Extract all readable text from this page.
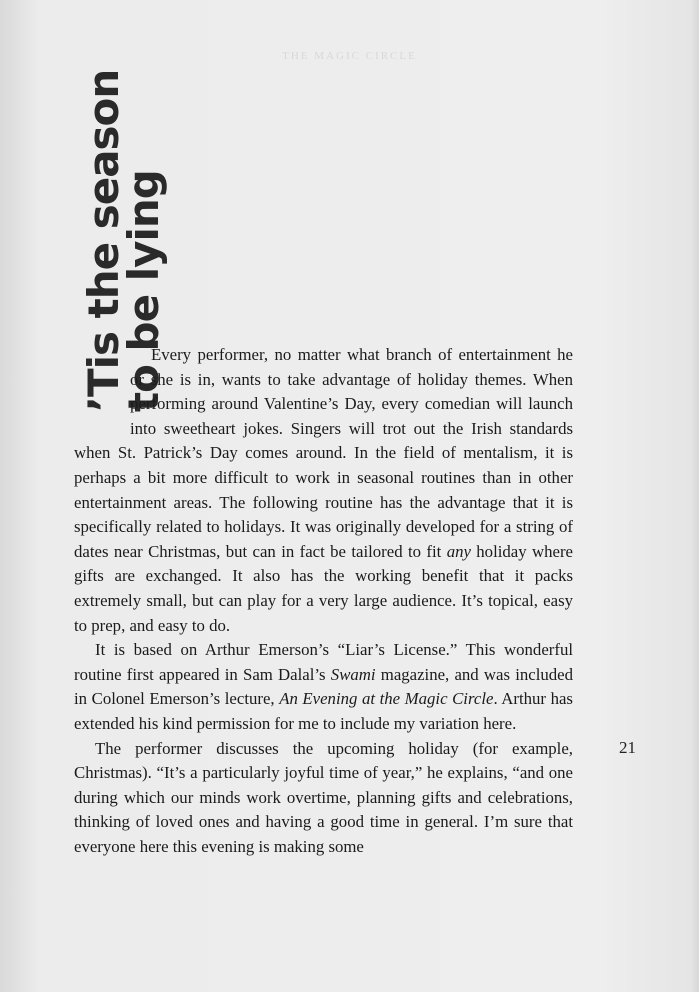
THE MAGIC CIRCLE
’Tis the season
to be lying

Every performer, no matter what branch of entertainment he or she is in, wants to take advantage of holiday themes. When performing around Valentine’s Day, every comedian will launch into sweetheart jokes. Singers will trot out the Irish standards when St. Patrick’s Day comes around. In the field of mentalism, it is perhaps a bit more difficult to work in seasonal routines than in other entertainment areas. The following routine has the advantage that it is specifically related to holidays. It was originally developed for a string of dates near Christmas, but can in fact be tailored to fit any holiday where gifts are exchanged. It also has the working benefit that it packs extremely small, but can play for a very large audience. It’s topical, easy to prep, and easy to do.

It is based on Arthur Emerson’s “Liar’s License.” This wonderful routine first appeared in Sam Dalal’s Swami magazine, and was included in Colonel Emerson’s lecture, An Evening at the Magic Circle. Arthur has extended his kind permission for me to include my variation here.

The performer discusses the upcoming holiday (for example, Christmas). “It’s a particularly joyful time of year,” he explains, “and one during which our minds work overtime, planning gifts and celebrations, thinking of loved ones and having a good time in general. I’m sure that everyone here this evening is making some

21
